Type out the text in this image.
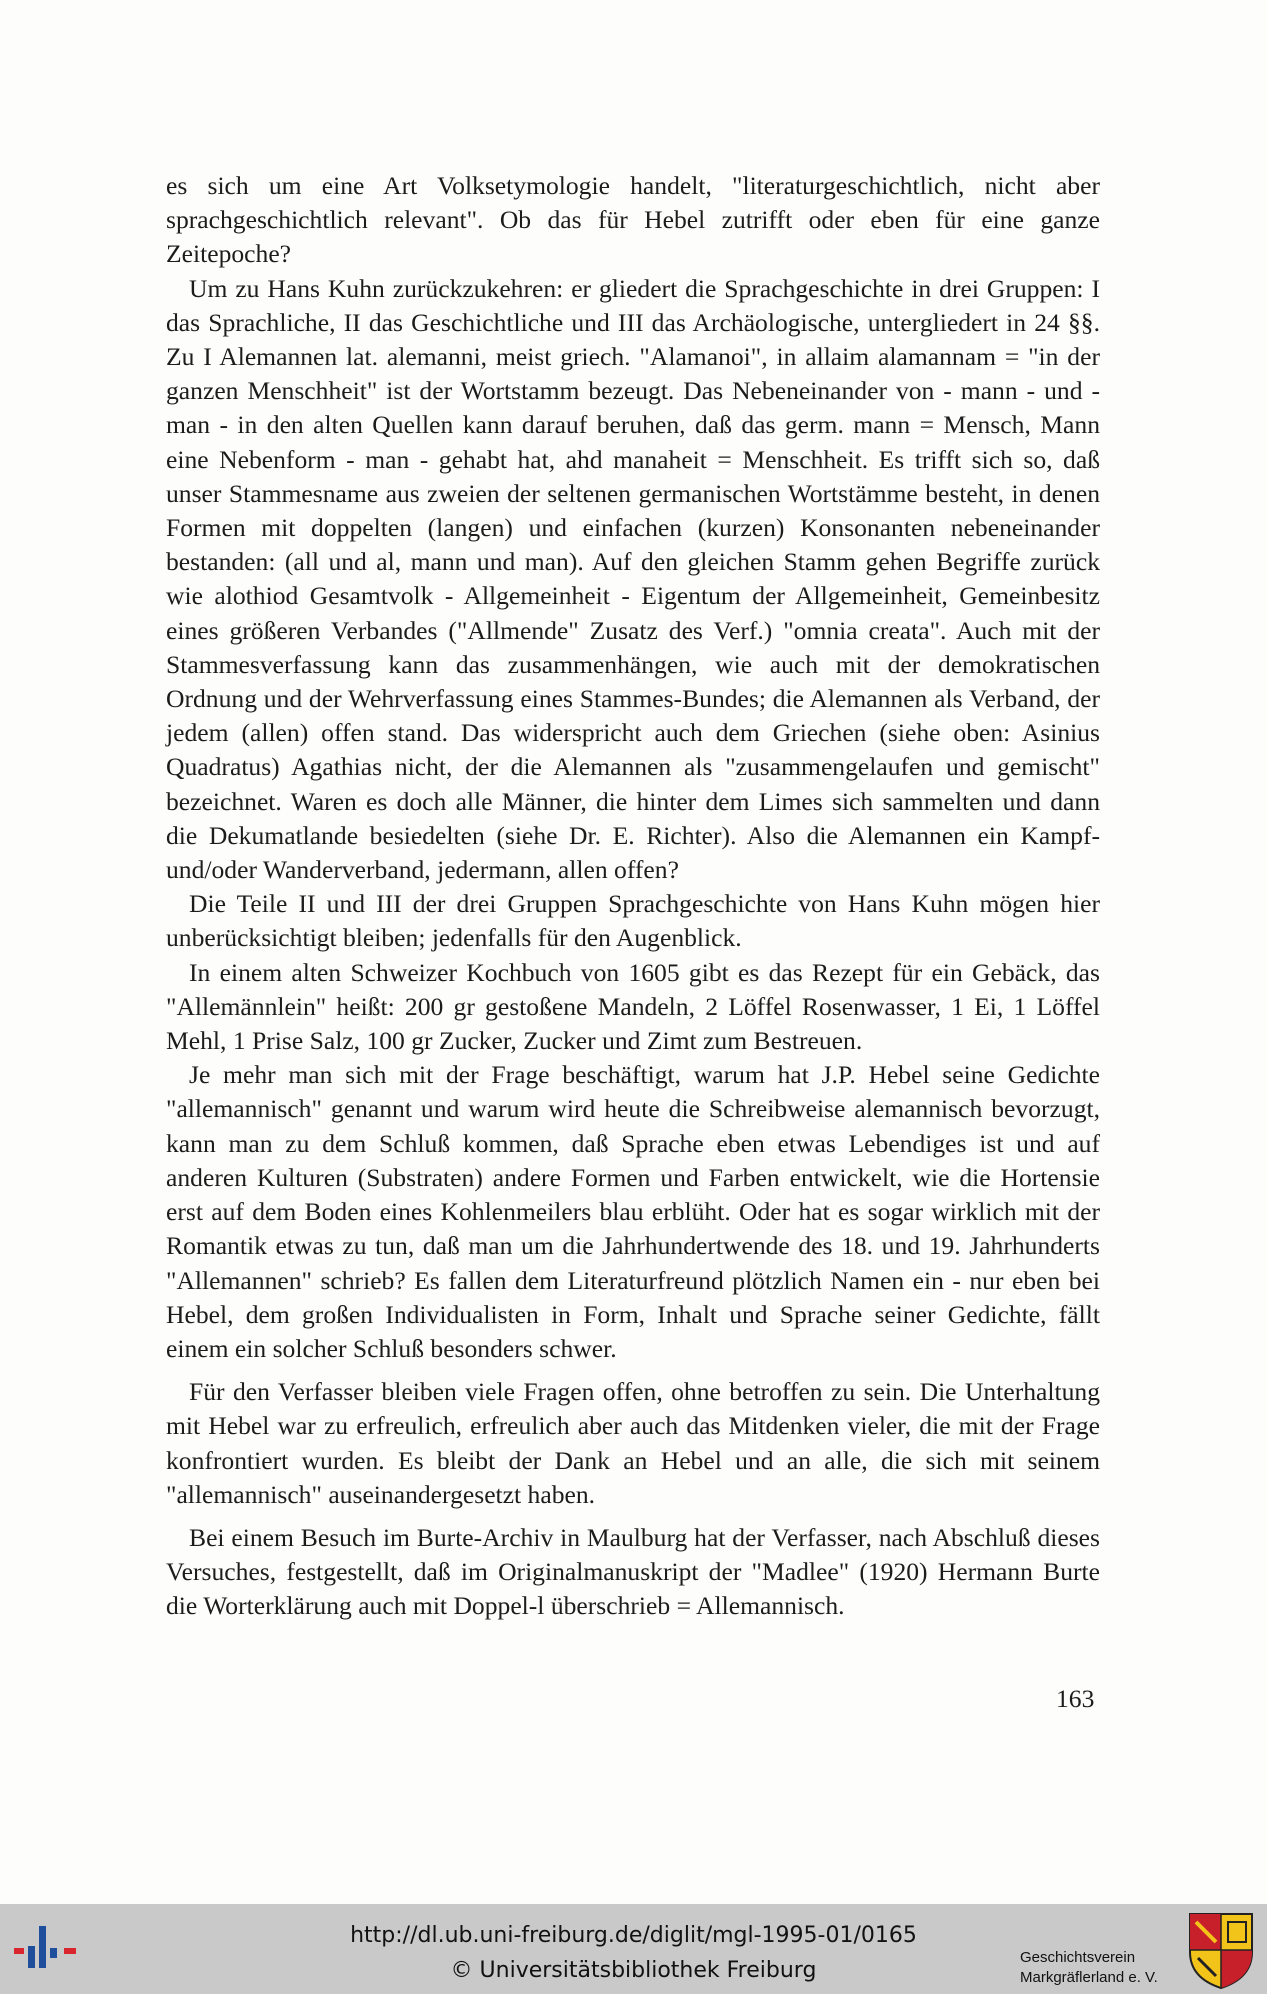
es sich um eine Art Volksetymologie handelt, "literaturgeschichtlich, nicht aber sprachgeschichtlich relevant". Ob das für Hebel zutrifft oder eben für eine ganze Zeitepoche?

Um zu Hans Kuhn zurückzukehren: er gliedert die Sprachgeschichte in drei Gruppen: I das Sprachliche, II das Geschichtliche und III das Archäologische, untergliedert in 24 §§. Zu I Alemannen lat. alemanni, meist griech. "Alamanoi", in allaim alamannam = "in der ganzen Menschheit" ist der Wortstamm bezeugt. Das Nebeneinander von - mann - und - man - in den alten Quellen kann darauf beruhen, daß das germ. mann = Mensch, Mann eine Nebenform - man - gehabt hat, ahd manaheit = Menschheit. Es trifft sich so, daß unser Stammesname aus zweien der seltenen germanischen Wortstämme besteht, in denen Formen mit doppelten (langen) und einfachen (kurzen) Konsonanten nebeneinander bestanden: (all und al, mann und man). Auf den gleichen Stamm gehen Begriffe zurück wie alothiod Gesamtvolk - Allgemeinheit - Eigentum der Allgemeinheit, Gemeinbesitz eines größeren Verbandes ("Allmende" Zusatz des Verf.) "omnia creata". Auch mit der Stammesverfassung kann das zusammenhängen, wie auch mit der demokratischen Ordnung und der Wehrverfassung eines Stammes-Bundes; die Alemannen als Verband, der jedem (allen) offen stand. Das widerspricht auch dem Griechen (siehe oben: Asinius Quadratus) Agathias nicht, der die Alemannen als "zusammengelaufen und gemischt" bezeichnet. Waren es doch alle Männer, die hinter dem Limes sich sammelten und dann die Dekumatlande besiedelten (siehe Dr. E. Richter). Also die Alemannen ein Kampf- und/oder Wanderverband, jedermann, allen offen?

Die Teile II und III der drei Gruppen Sprachgeschichte von Hans Kuhn mögen hier unberücksichtigt bleiben; jedenfalls für den Augenblick.

In einem alten Schweizer Kochbuch von 1605 gibt es das Rezept für ein Gebäck, das "Allemännlein" heißt: 200 gr gestoßene Mandeln, 2 Löffel Rosenwasser, 1 Ei, 1 Löffel Mehl, 1 Prise Salz, 100 gr Zucker, Zucker und Zimt zum Bestreuen.

Je mehr man sich mit der Frage beschäftigt, warum hat J.P. Hebel seine Gedichte "allemannisch" genannt und warum wird heute die Schreibweise alemannisch bevorzugt, kann man zu dem Schluß kommen, daß Sprache eben etwas Lebendiges ist und auf anderen Kulturen (Substraten) andere Formen und Farben entwickelt, wie die Hortensie erst auf dem Boden eines Kohlenmeilers blau erblüht. Oder hat es sogar wirklich mit der Romantik etwas zu tun, daß man um die Jahrhundertwende des 18. und 19. Jahrhunderts "Allemannen" schrieb? Es fallen dem Literaturfreund plötzlich Namen ein - nur eben bei Hebel, dem großen Individualisten in Form, Inhalt und Sprache seiner Gedichte, fällt einem ein solcher Schluß besonders schwer.

Für den Verfasser bleiben viele Fragen offen, ohne betroffen zu sein. Die Unterhaltung mit Hebel war zu erfreulich, erfreulich aber auch das Mitdenken vieler, die mit der Frage konfrontiert wurden. Es bleibt der Dank an Hebel und an alle, die sich mit seinem "allemannisch" auseinandergesetzt haben.

Bei einem Besuch im Burte-Archiv in Maulburg hat der Verfasser, nach Abschluß dieses Versuches, festgestellt, daß im Originalmanuskript der "Madlee" (1920) Hermann Burte die Worterklärung auch mit Doppel-l überschrieb = Allemannisch.

163
http://dl.ub.uni-freiburg.de/diglit/mgl-1995-01/0165
© Universitätsbibliothek Freiburg
Geschichtsverein
Markgräflerland e. V.
